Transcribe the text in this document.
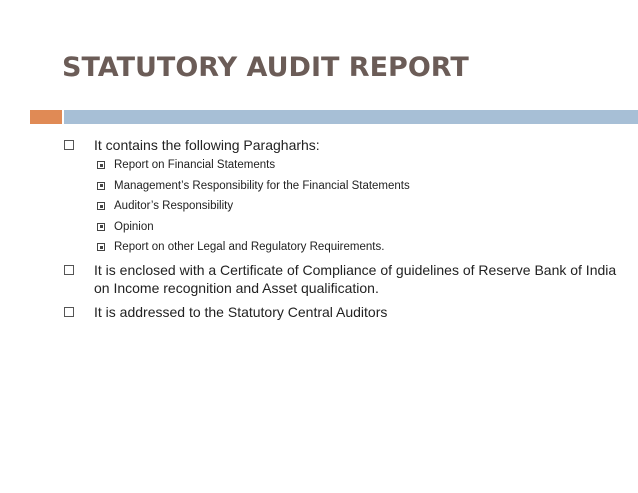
STATUTORY AUDIT REPORT
It contains the following Paragharhs:
Report on Financial Statements
Management’s Responsibility for the Financial Statements
Auditor’s Responsibility
Opinion
Report on other Legal and Regulatory Requirements.
It is enclosed with a Certificate of Compliance of guidelines of Reserve Bank of India on Income recognition and Asset qualification.
It is addressed to the Statutory Central Auditors
